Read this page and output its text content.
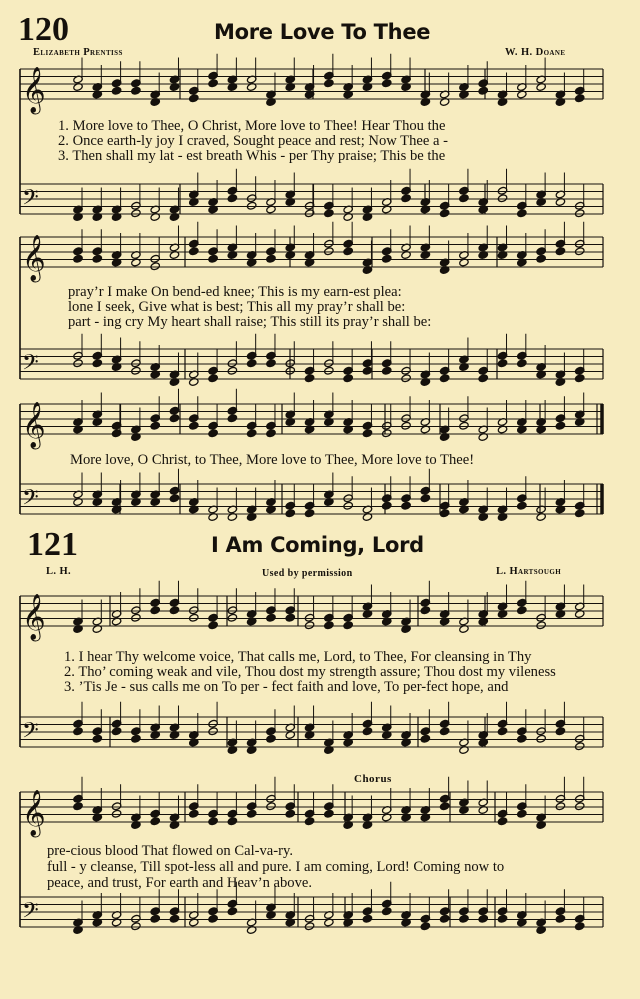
120	More Love To Thee
Elizabeth Prentiss	W. H. Doane
121	I Am Coming, Lord
L. H.	Used by permission	L. Hartsough
Chorus
1. More love to Thee, O Christ, More love to Thee! Hear Thou the
2. Once earth-ly joy I craved, Sought peace and rest; Now Thee a -
3. Then shall my lat - est breath Whis - per Thy praise; This be the
pray’r I make On bend-ed knee; This is my earn-est plea:
lone I seek, Give what is best; This all my pray’r shall be:
part - ing cry My heart shall raise; This still its pray’r shall be:
More love, O Christ, to Thee, More love to Thee, More love to Thee!
1. I hear Thy welcome voice, That calls me, Lord, to Thee, For cleansing in Thy
2. Tho’ coming weak and vile, Thou dost my strength assure; Thou dost my vileness
3. ’Tis Je - sus calls me on To per - fect faith and love, To per-fect hope, and
pre-cious blood That flowed on Cal-va-ry.
full - y cleanse, Till spot-less all and pure. I am coming, Lord! Coming now to
peace, and trust, For earth and Heav’n above.
𝄞
𝄢
𝄞
𝄢
𝄞
𝄢
𝄞
𝄢
𝄞
𝄢
